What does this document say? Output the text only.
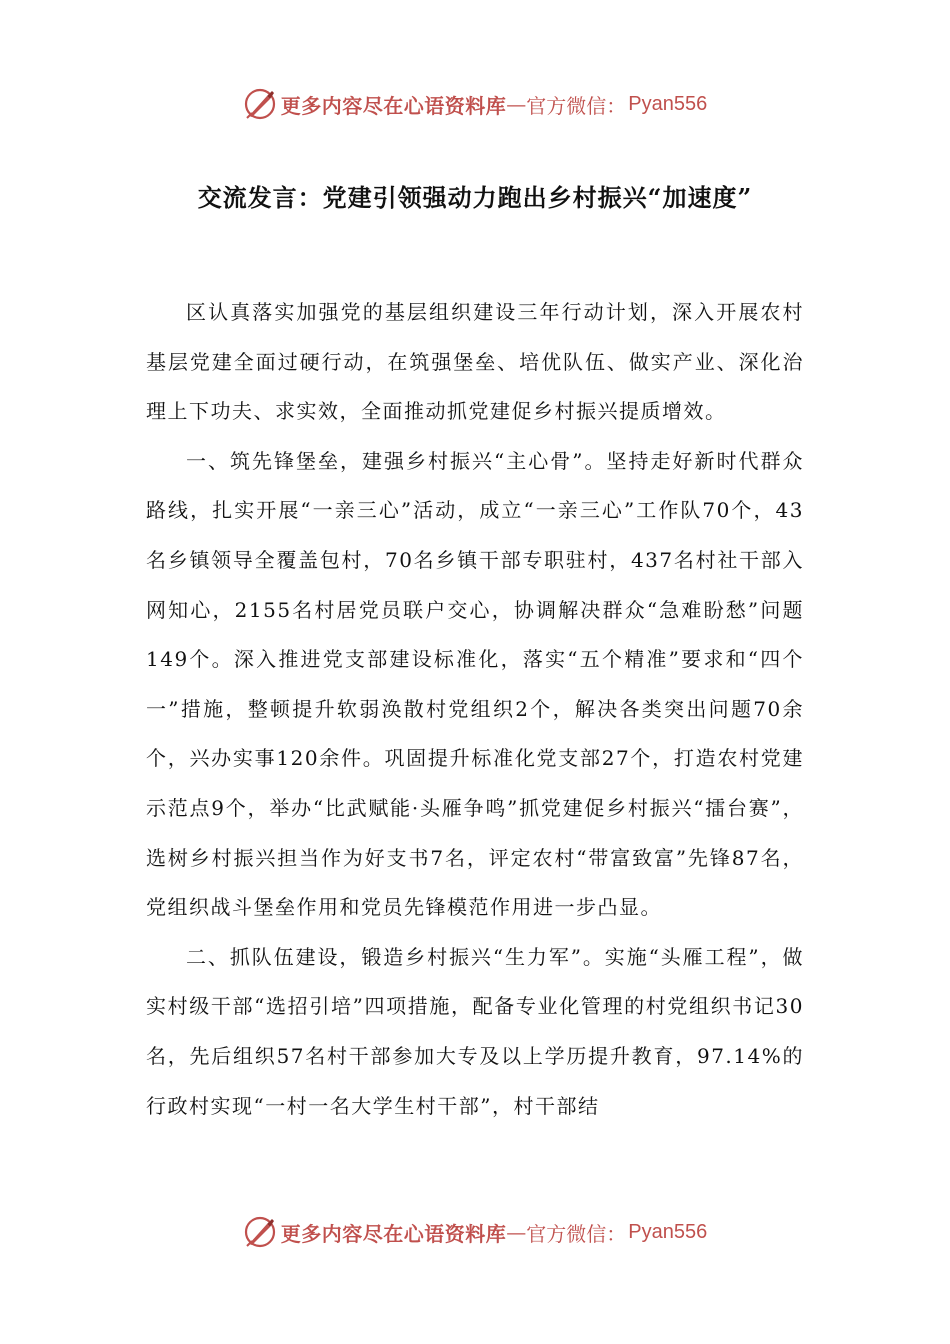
更多内容尽在心语资料库 — 官方微信： Pyan556
交流发言：党建引领强动力跑出乡村振兴“加速度”

区认真落实加强党的基层组织建设三年行动计划，深入开展农村基层党建全面过硬行动，在筑强堡垒、培优队伍、做实产业、深化治理上下功夫、求实效，全面推动抓党建促乡村振兴提质增效。

一、筑先锋堡垒，建强乡村振兴“主心骨”。坚持走好新时代群众路线，扎实开展“一亲三心”活动，成立“一亲三心”工作队70个，43名乡镇领导全覆盖包村，70名乡镇干部专职驻村，437名村社干部入网知心，2155名村居党员联户交心，协调解决群众“急难盼愁”问题149个。深入推进党支部建设标准化，落实“五个精准”要求和“四个一”措施，整顿提升软弱涣散村党组织2个，解决各类突出问题70余个，兴办实事120余件。巩固提升标准化党支部27个，打造农村党建示范点9个，举办“比武赋能·头雁争鸣”抓党建促乡村振兴“擂台赛”，选树乡村振兴担当作为好支书7名，评定农村“带富致富”先锋87名，党组织战斗堡垒作用和党员先锋模范作用进一步凸显。

二、抓队伍建设，锻造乡村振兴“生力军”。实施“头雁工程”，做实村级干部“选招引培”四项措施，配备专业化管理的村党组织书记30名，先后组织57名村干部参加大专及以上学历提升教育，97.14%的行政村实现“一村一名大学生村干部”，村干部结

更多内容尽在心语资料库 — 官方微信： Pyan556
